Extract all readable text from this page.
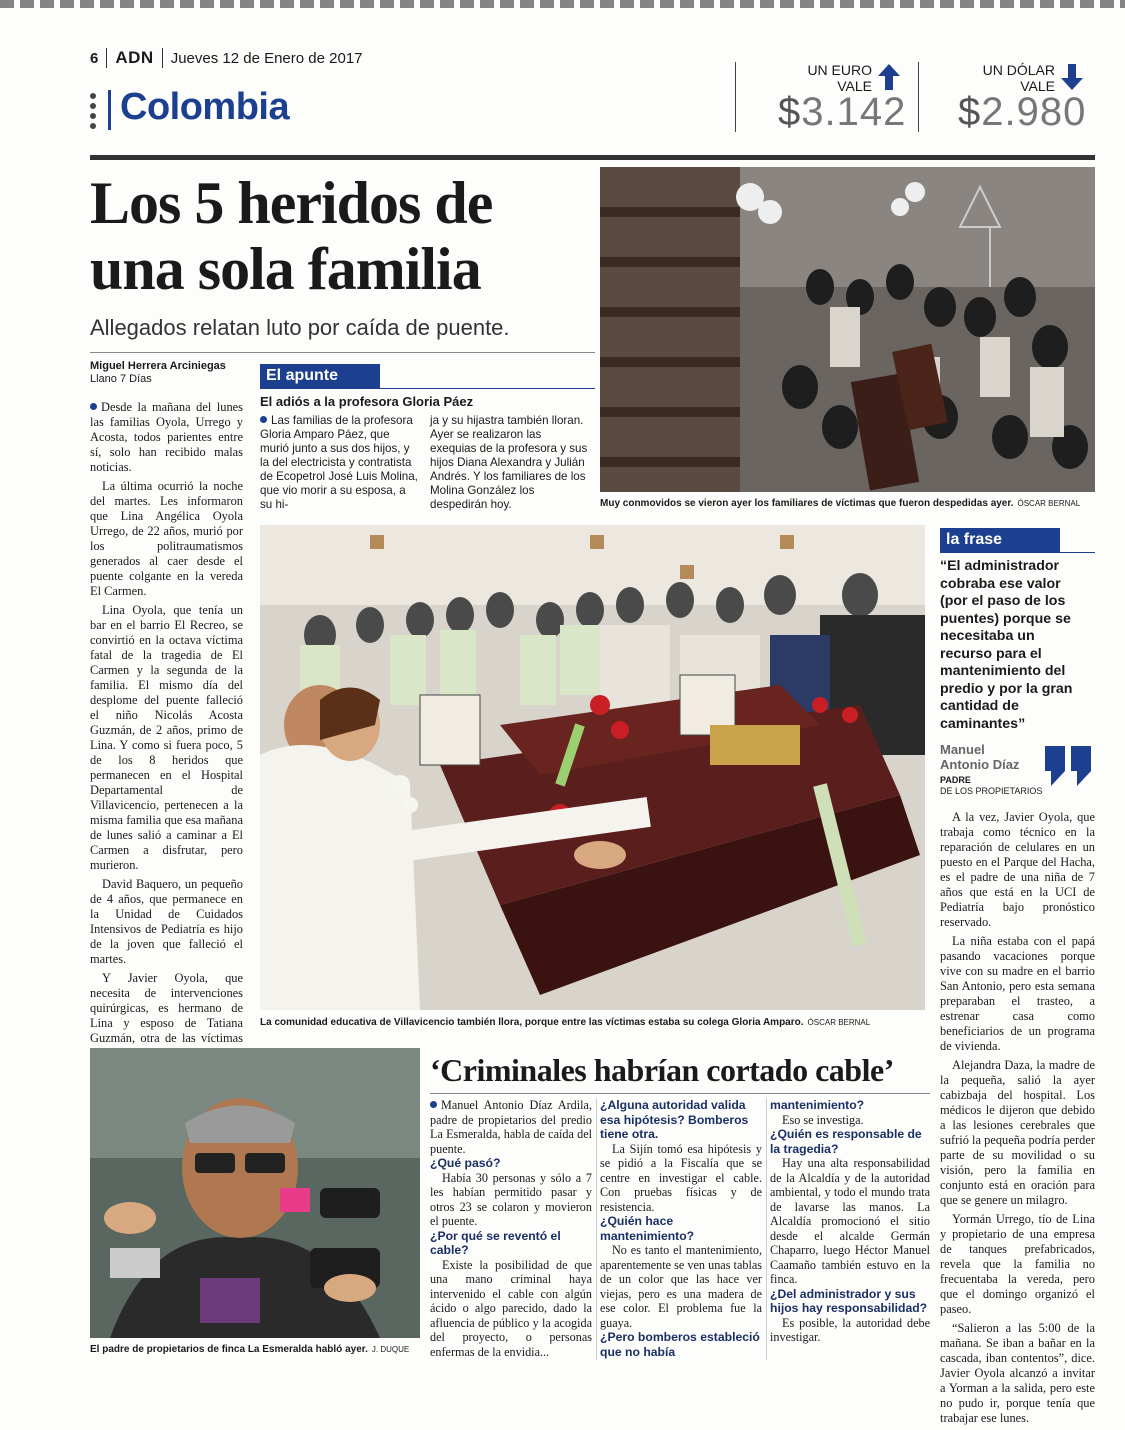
6	ADN	Jueves 12 de Enero de 2017
Colombia
UN EURO
VALE
$3.142
UN DÓLAR
VALE
$2.980
Los 5 heridos de una sola familia
Allegados relatan luto por caída de puente.
Miguel Herrera Arciniegas
Llano 7 Días

Desde la mañana del lunes las familias Oyola, Urrego y Acosta, todos parientes entre sí, solo han recibido malas noticias.

La última ocurrió la noche del martes. Les informaron que Lina Angélica Oyola Urrego, de 22 años, murió por los politraumatismos generados al caer desde el puente colgante en la vereda El Carmen.

Lina Oyola, que tenía un bar en el barrio El Recreo, se convirtió en la octava víctima fatal de la tragedia de El Carmen y la segunda de la familia. El mismo día del desplome del puente falleció el niño Nicolás Acosta Guzmán, de 2 años, primo de Lina. Y como si fuera poco, 5 de los 8 heridos que permanecen en el Hospital Departamental de Villavicencio, pertenecen a la misma familia que esa mañana de lunes salió a caminar a El Carmen a disfrutar, pero murieron.

David Baquero, un pequeño de 4 años, que permanece en la Unidad de Cuidados Intensivos de Pediatría es hijo de la joven que falleció el martes.

Y Javier Oyola, que necesita de intervenciones quirúrgicas, es hermano de Lina y esposo de Tatiana Guzmán, otra de las víctimas

El apunte
El adiós a la profesora Gloria Páez

Las familias de la profesora Gloria Amparo Páez, que murió junto a sus dos hijos, y la del electricista y contratista de Ecopetrol José Luis Molina, que vio morir a su esposa, a su hi-

ja y su hijastra también lloran. Ayer se realizaron las exequias de la profesora y sus hijos Diana Alexandra y Julián Andrés. Y los familiares de los Molina González los despedirán hoy.	Muy conmovidos se vieron ayer los familiares de víctimas que fueron despedidas ayer. ÓSCAR BERNAL
La comunidad educativa de Villavicencio también llora, porque entre las víctimas estaba su colega Gloria Amparo. ÓSCAR BERNAL
la frase
“El administrador cobraba ese valor (por el paso de los puentes) porque se necesitaba un recurso para el mantenimiento del predio y por la gran cantidad de caminantes”
Manuel
Antonio Díaz
PADRE
DE LOS PROPIETARIOS

A la vez, Javier Oyola, que trabaja como técnico en la reparación de celulares en un puesto en el Parque del Hacha, es el padre de una niña de 7 años que está en la UCI de Pediatría bajo pronóstico reservado.

La niña estaba con el papá pasando vacaciones porque vive con su madre en el barrio San Antonio, pero esta semana preparaban el trasteo, a estrenar casa como beneficiarios de un programa de vivienda.

Alejandra Daza, la madre de la pequeña, salió la ayer cabizbaja del hospital. Los médicos le dijeron que debido a las lesiones cerebrales que sufrió la pequeña podría perder parte de su movilidad o su visión, pero la familia en conjunto está en oración para que se genere un milagro.

Yormán Urrego, tío de Lina y propietario de una empresa de tanques prefabricados, revela que la familia no frecuentaba la vereda, pero que el domingo organizó el paseo.

“Salieron a las 5:00 de la mañana. Se iban a bañar en la cascada, iban contentos”, dice. Javier Oyola alcanzó a invitar a Yorman a la salida, pero este no pudo ir, porque tenía que trabajar ese lunes.

El padre de propietarios de finca La Esmeralda habló ayer. J. DUQUE
‘Criminales habrían cortado cable’

Manuel Antonio Díaz Ardila, padre de propietarios del predio La Esmeralda, habla de caída del puente.

¿Qué pasó?

Había 30 personas y sólo a 7 les habían permitido pasar y otros 23 se colaron y movieron el puente.

¿Por qué se reventó el cable?

Existe la posibilidad de que una mano criminal haya intervenido el cable con algún ácido o algo parecido, dado la afluencia de público y la acogida del proyecto, o personas enfermas de la envidia...

¿Alguna autoridad valida esa hipótesis? Bomberos tiene otra.

La Sijín tomó esa hipótesis y se pidió a la Fiscalía que se centre en investigar el cable. Con pruebas físicas y de resistencia.

¿Quién hace mantenimiento?

No es tanto el mantenimiento, aparentemente se ven unas tablas de un color que las hace ver viejas, pero es una madera de ese color. El problema fue la guaya.

¿Pero bomberos estableció que no había

mantenimiento?

Eso se investiga.

¿Quién es responsable de la tragedia?

Hay una alta responsabilidad de la Alcaldía y de la autoridad ambiental, y todo el mundo trata de lavarse las manos. La Alcaldía promocionó el sitio desde el alcalde Germán Chaparro, luego Héctor Manuel Caamaño también estuvo en la finca.

¿Del administrador y sus hijos hay responsabilidad?

Es posible, la autoridad debe investigar.
